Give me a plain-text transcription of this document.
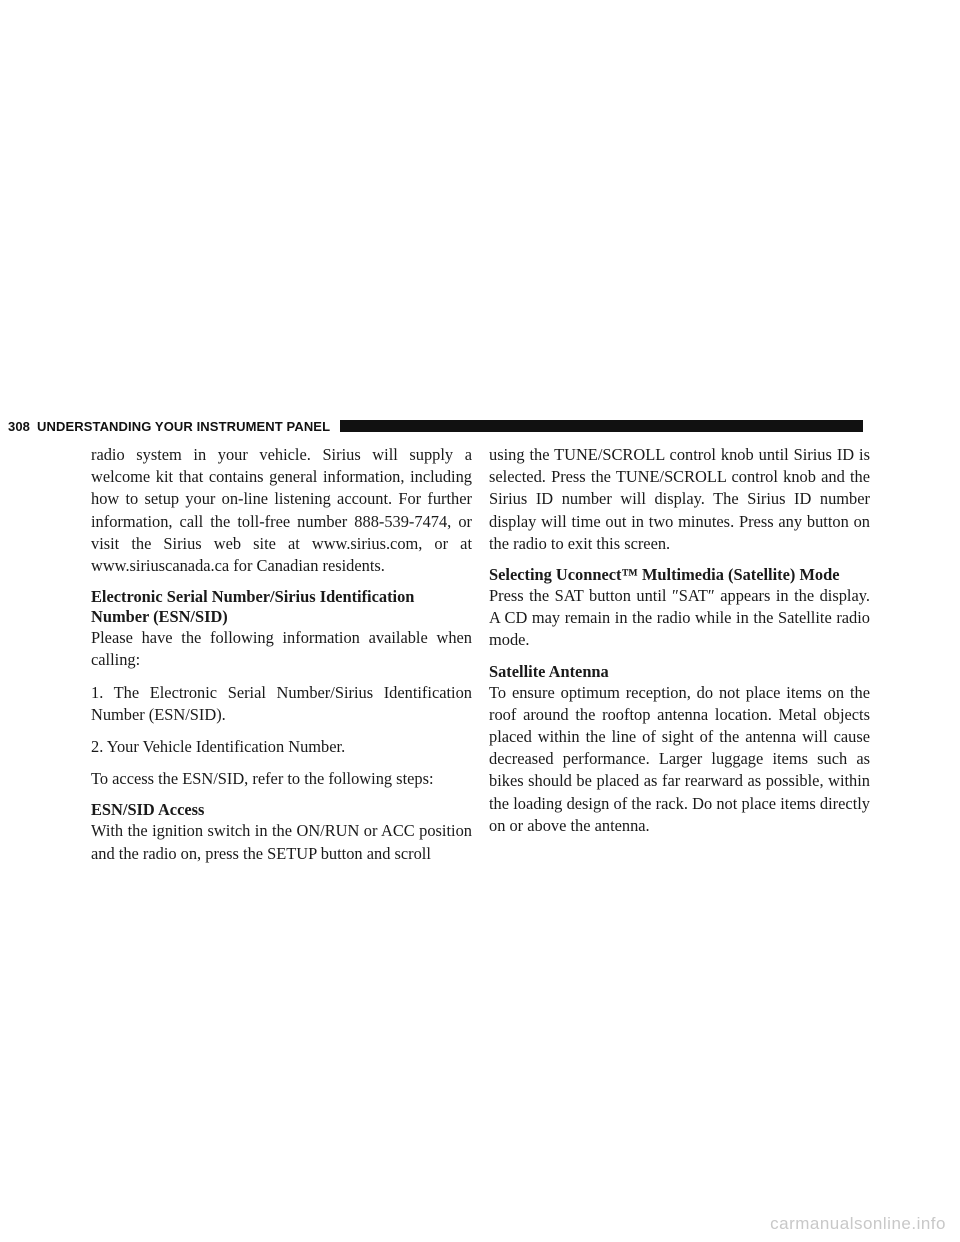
308 UNDERSTANDING YOUR INSTRUMENT PANEL

radio system in your vehicle. Sirius will supply a welcome kit that contains general information, including how to setup your on-line listening account. For further information, call the toll-free number 888-539-7474, or visit the Sirius web site at www.sirius.com, or at www.siriuscanada.ca for Canadian residents.

Electronic Serial Number/Sirius Identification Number (ESN/SID)

Please have the following information available when calling:

1. The Electronic Serial Number/Sirius Identification Number (ESN/SID).

2. Your Vehicle Identification Number.

To access the ESN/SID, refer to the following steps:

ESN/SID Access

With the ignition switch in the ON/RUN or ACC position and the radio on, press the SETUP button and scroll

using the TUNE/SCROLL control knob until Sirius ID is selected. Press the TUNE/SCROLL control knob and the Sirius ID number will display. The Sirius ID number display will time out in two minutes. Press any button on the radio to exit this screen.

Selecting Uconnect™ Multimedia (Satellite) Mode

Press the SAT button until ″SAT″ appears in the display. A CD may remain in the radio while in the Satellite radio mode.

Satellite Antenna

To ensure optimum reception, do not place items on the roof around the rooftop antenna location. Metal objects placed within the line of sight of the antenna will cause decreased performance. Larger luggage items such as bikes should be placed as far rearward as possible, within the loading design of the rack. Do not place items directly on or above the antenna.

carmanualsonline.info
